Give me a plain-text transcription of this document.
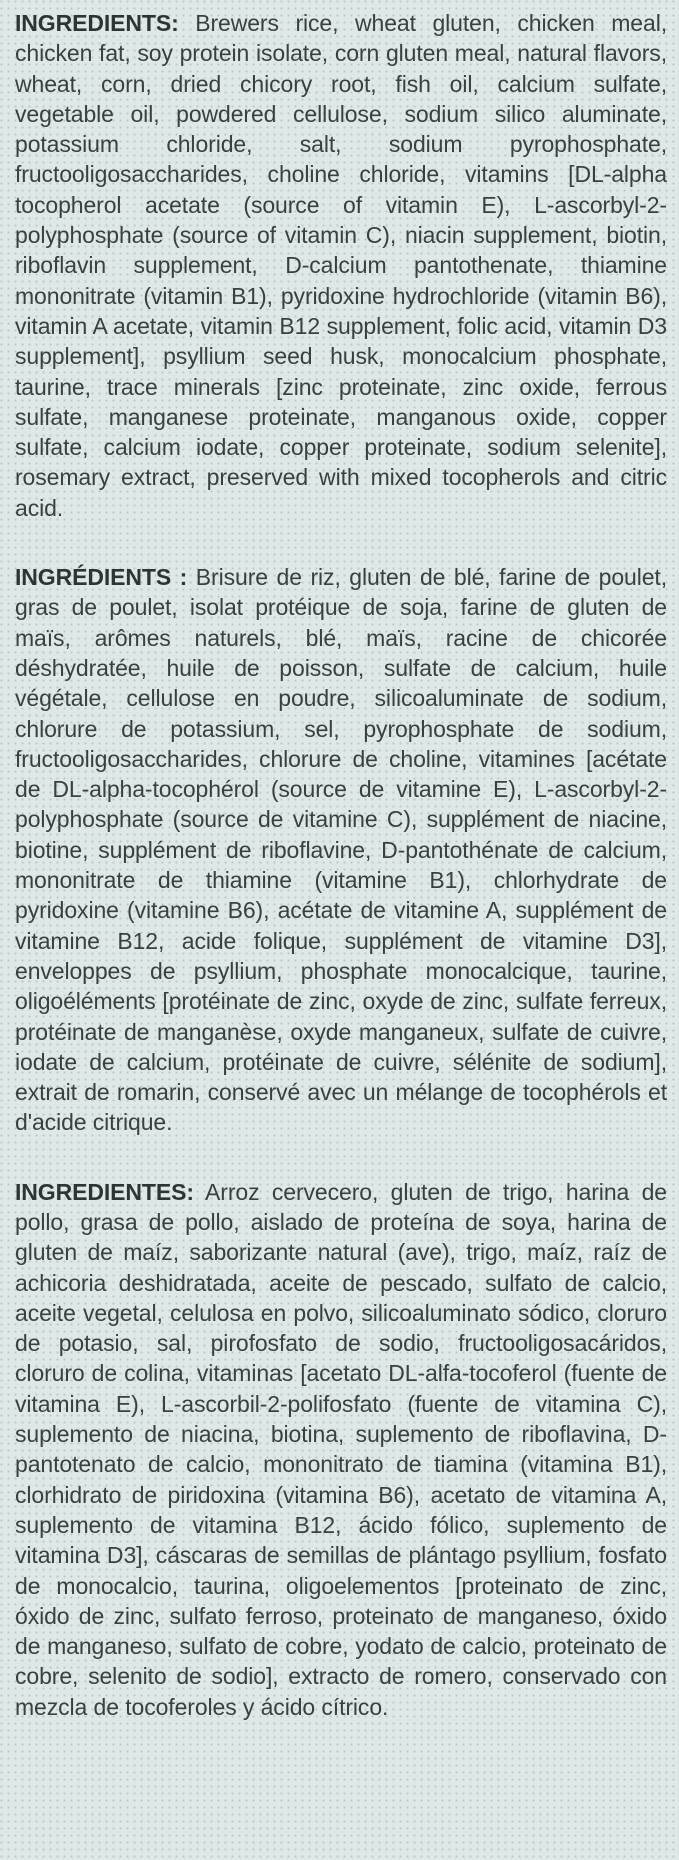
INGREDIENTS: Brewers rice, wheat gluten, chicken meal, chicken fat, soy protein isolate, corn gluten meal, natural flavors, wheat, corn, dried chicory root, fish oil, calcium sulfate, vegetable oil, powdered cellulose, sodium silico aluminate, potassium chloride, salt, sodium pyrophosphate, fructooligosaccharides, choline chloride, vitamins [DL-alpha tocopherol acetate (source of vitamin E), L-ascorbyl-2-polyphosphate (source of vitamin C), niacin supplement, biotin, riboflavin supplement, D-calcium pantothenate, thiamine mononitrate (vitamin B1), pyridoxine hydrochloride (vitamin B6), vitamin A acetate, vitamin B12 supplement, folic acid, vitamin D3 supplement], psyllium seed husk, monocalcium phosphate, taurine, trace minerals [zinc proteinate, zinc oxide, ferrous sulfate, manganese proteinate, manganous oxide, copper sulfate, calcium iodate, copper proteinate, sodium selenite], rosemary extract, preserved with mixed tocopherols and citric acid.

INGRÉDIENTS : Brisure de riz, gluten de blé, farine de poulet, gras de poulet, isolat protéique de soja, farine de gluten de maïs, arômes naturels, blé, maïs, racine de chicorée déshydratée, huile de poisson, sulfate de calcium, huile végétale, cellulose en poudre, silicoaluminate de sodium, chlorure de potassium, sel, pyrophosphate de sodium, fructooligosaccharides, chlorure de choline, vitamines [acétate de DL-alpha-tocophérol (source de vitamine E), L-ascorbyl-2-polyphosphate (source de vitamine C), supplément de niacine, biotine, supplément de riboflavine, D-pantothénate de calcium, mononitrate de thiamine (vitamine B1), chlorhydrate de pyridoxine (vitamine B6), acétate de vitamine A, supplément de vitamine B12, acide folique, supplément de vitamine D3], enveloppes de psyllium, phosphate monocalcique, taurine, oligoéléments [protéinate de zinc, oxyde de zinc, sulfate ferreux, protéinate de manganèse, oxyde manganeux, sulfate de cuivre, iodate de calcium, protéinate de cuivre, sélénite de sodium], extrait de romarin, conservé avec un mélange de tocophérols et d'acide citrique.

INGREDIENTES: Arroz cervecero, gluten de trigo, harina de pollo, grasa de pollo, aislado de proteína de soya, harina de gluten de maíz, saborizante natural (ave), trigo, maíz, raíz de achicoria deshidratada, aceite de pescado, sulfato de calcio, aceite vegetal, celulosa en polvo, silicoaluminato sódico, cloruro de potasio, sal, pirofosfato de sodio, fructooligosacáridos, cloruro de colina, vitaminas [acetato DL-alfa-tocoferol (fuente de vitamina E), L-ascorbil-2-polifosfato (fuente de vitamina C), suplemento de niacina, biotina, suplemento de riboflavina, D-pantotenato de calcio, mononitrato de tiamina (vitamina B1), clorhidrato de piridoxina (vitamina B6), acetato de vitamina A, suplemento de vitamina B12, ácido fólico, suplemento de vitamina D3], cáscaras de semillas de plántago psyllium, fosfato de monocalcio, taurina, oligoelementos [proteinato de zinc, óxido de zinc, sulfato ferroso, proteinato de manganeso, óxido de manganeso, sulfato de cobre, yodato de calcio, proteinato de cobre, selenito de sodio], extracto de romero, conservado con mezcla de tocoferoles y ácido cítrico.
